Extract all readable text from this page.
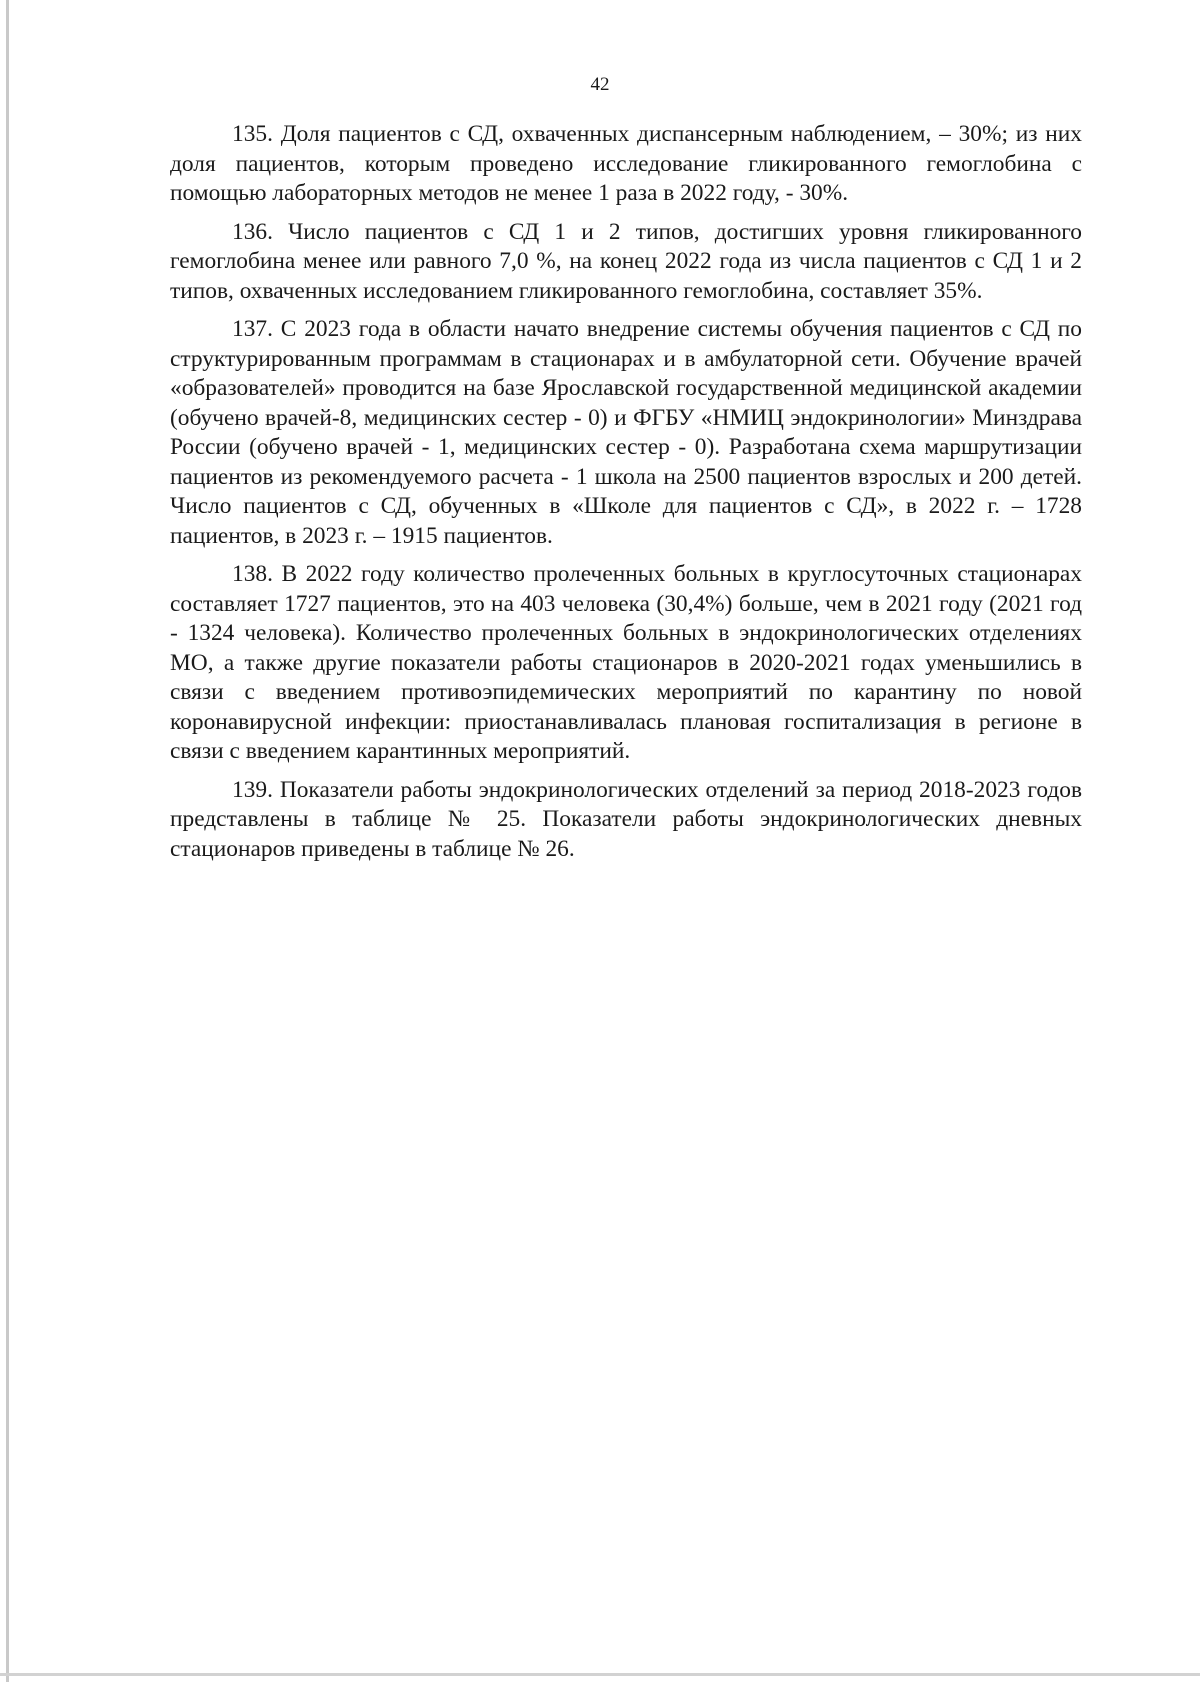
42

135. Доля пациентов с СД, охваченных диспансерным наблюдением, – 30%; из них доля пациентов, которым проведено исследование гликированного гемоглобина с помощью лабораторных методов не менее 1 раза в 2022 году, - 30%.

136. Число пациентов с СД 1 и 2 типов, достигших уровня гликированного гемоглобина менее или равного 7,0 %, на конец 2022 года из числа пациентов с СД 1 и 2 типов, охваченных исследованием гликированного гемоглобина, составляет 35%.

137. С 2023 года в области начато внедрение системы обучения пациентов с СД по структурированным программам в стационарах и в амбулаторной сети. Обучение врачей «образователей» проводится на базе Ярославской государственной медицинской академии (обучено врачей-8, медицинских сестер - 0) и ФГБУ «НМИЦ эндокринологии» Минздрава России (обучено врачей - 1, медицинских сестер - 0). Разработана схема маршрутизации пациентов из рекомендуемого расчета - 1 школа на 2500 пациентов взрослых и 200 детей. Число пациентов с СД, обученных в «Школе для пациентов с СД», в 2022 г. – 1728 пациентов, в 2023 г. – 1915 пациентов.

138. В 2022 году количество пролеченных больных в круглосуточных стационарах составляет 1727 пациентов, это на 403 человека (30,4%) больше, чем в 2021 году (2021 год - 1324 человека). Количество пролеченных больных в эндокринологических отделениях МО, а также другие показатели работы стационаров в 2020-2021 годах уменьшились в связи с введением противоэпидемических мероприятий по карантину по новой коронавирусной инфекции: приостанавливалась плановая госпитализация в регионе в связи с введением карантинных мероприятий.

139. Показатели работы эндокринологических отделений за период 2018-2023 годов представлены в таблице № 25. Показатели работы эндокринологических дневных стационаров приведены в таблице № 26.
